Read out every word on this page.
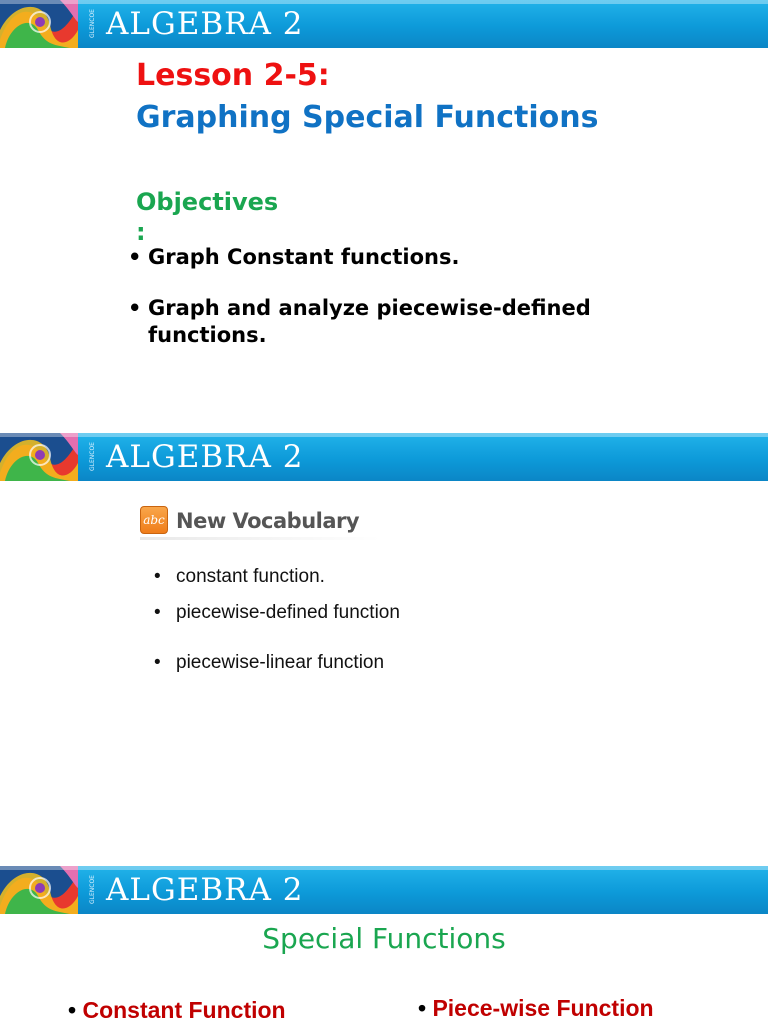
GLENCOE ALGEBRA 2
Lesson 2-5:
Graphing Special Functions
Objectives
:
• Graph Constant functions.
• Graph and analyze piecewise-defined functions.
GLENCOE ALGEBRA 2
abc New Vocabulary
• constant function.
• piecewise-defined function
• piecewise-linear function
GLENCOE ALGEBRA 2
Special Functions
• Constant Function	• Piece-wise Function
